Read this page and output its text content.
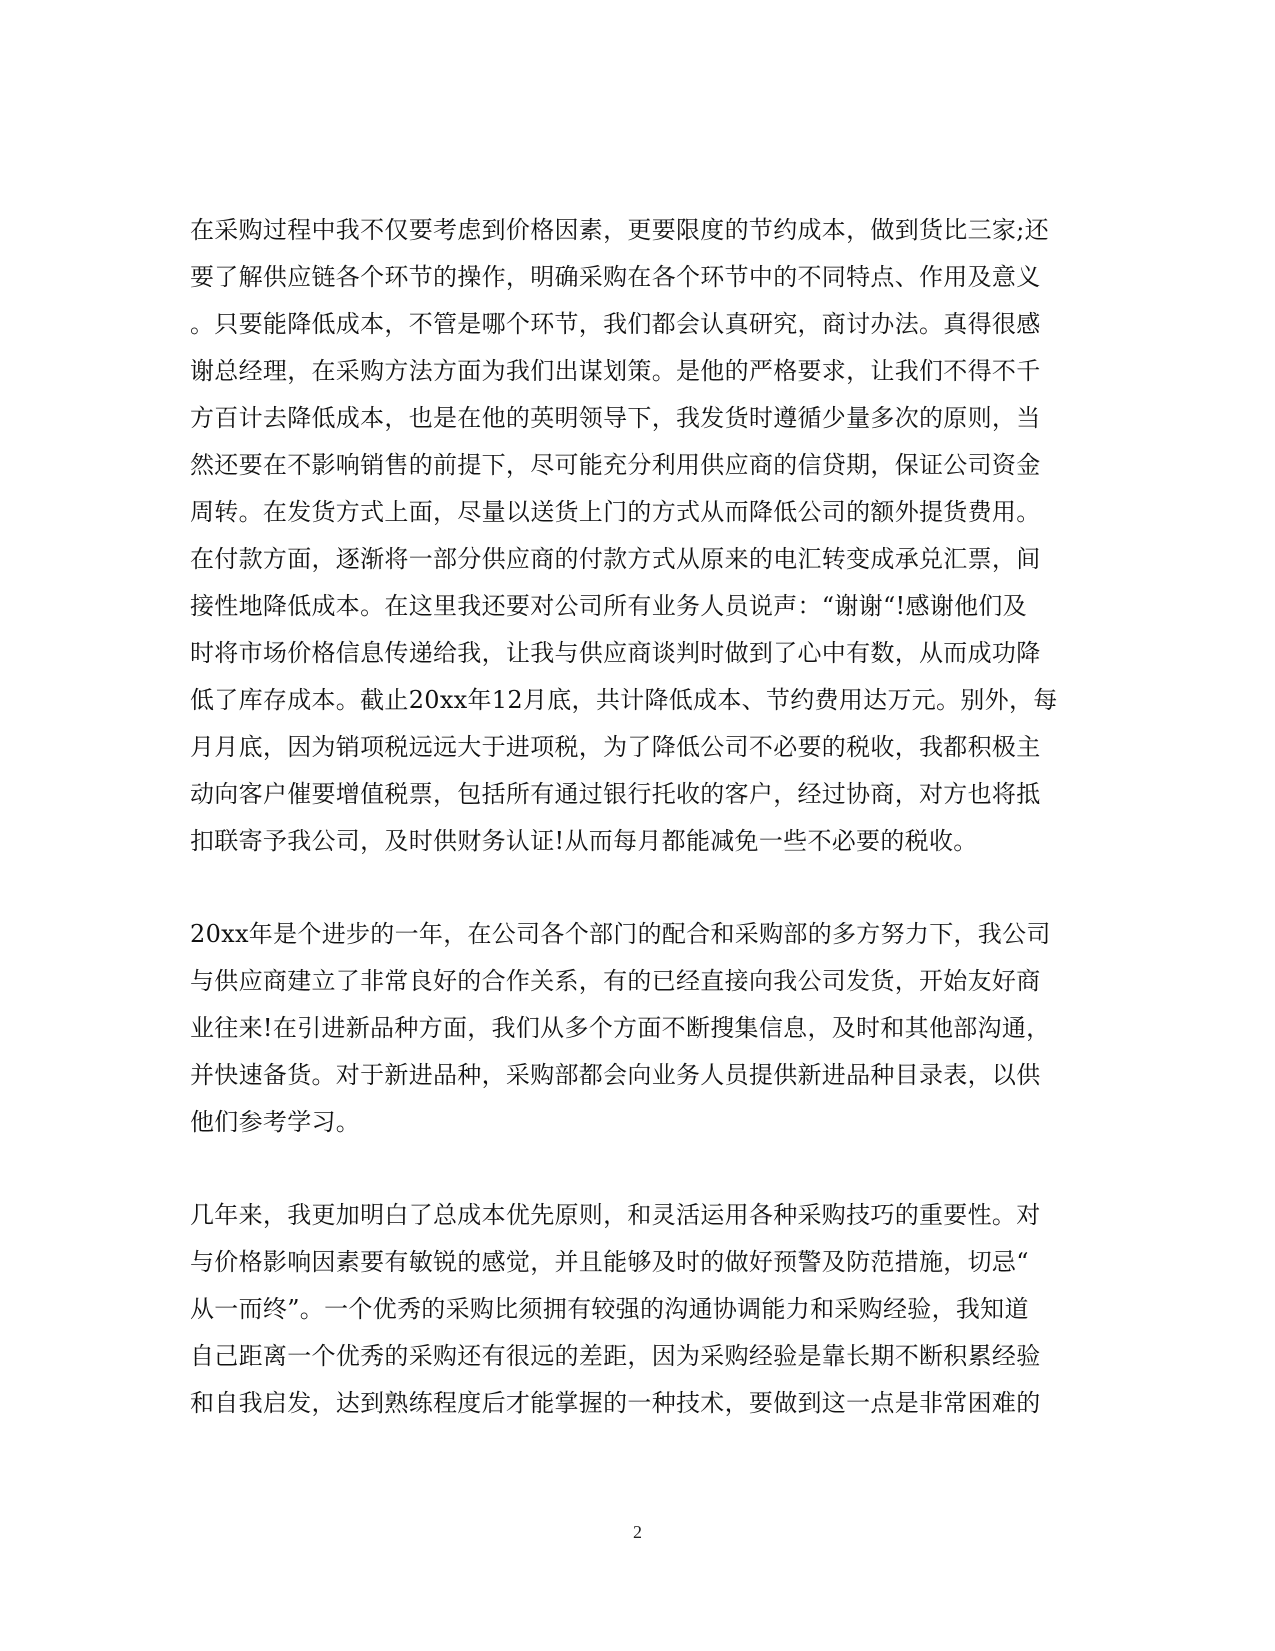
在采购过程中我不仅要考虑到价格因素，更要限度的节约成本，做到货比三家;还
要了解供应链各个环节的操作，明确采购在各个环节中的不同特点、作用及意义
。只要能降低成本，不管是哪个环节，我们都会认真研究，商讨办法。真得很感
谢总经理，在采购方法方面为我们出谋划策。是他的严格要求，让我们不得不千
方百计去降低成本，也是在他的英明领导下，我发货时遵循少量多次的原则，当
然还要在不影响销售的前提下，尽可能充分利用供应商的信贷期，保证公司资金
周转。在发货方式上面，尽量以送货上门的方式从而降低公司的额外提货费用。
在付款方面，逐渐将一部分供应商的付款方式从原来的电汇转变成承兑汇票，间
接性地降低成本。在这里我还要对公司所有业务人员说声：“谢谢“!感谢他们及
时将市场价格信息传递给我，让我与供应商谈判时做到了心中有数，从而成功降
低了库存成本。截止20xx年12月底，共计降低成本、节约费用达万元。别外，每
月月底，因为销项税远远大于进项税，为了降低公司不必要的税收，我都积极主
动向客户催要增值税票，包括所有通过银行托收的客户，经过协商，对方也将抵
扣联寄予我公司，及时供财务认证!从而每月都能减免一些不必要的税收。
20xx年是个进步的一年，在公司各个部门的配合和采购部的多方努力下，我公司
与供应商建立了非常良好的合作关系，有的已经直接向我公司发货，开始友好商
业往来!在引进新品种方面，我们从多个方面不断搜集信息，及时和其他部沟通，
并快速备货。对于新进品种，采购部都会向业务人员提供新进品种目录表，以供
他们参考学习。
几年来，我更加明白了总成本优先原则，和灵活运用各种采购技巧的重要性。对
与价格影响因素要有敏锐的感觉，并且能够及时的做好预警及防范措施，切忌“
从一而终”。一个优秀的采购比须拥有较强的沟通协调能力和采购经验，我知道
自己距离一个优秀的采购还有很远的差距，因为采购经验是靠长期不断积累经验
和自我启发，达到熟练程度后才能掌握的一种技术，要做到这一点是非常困难的
2
